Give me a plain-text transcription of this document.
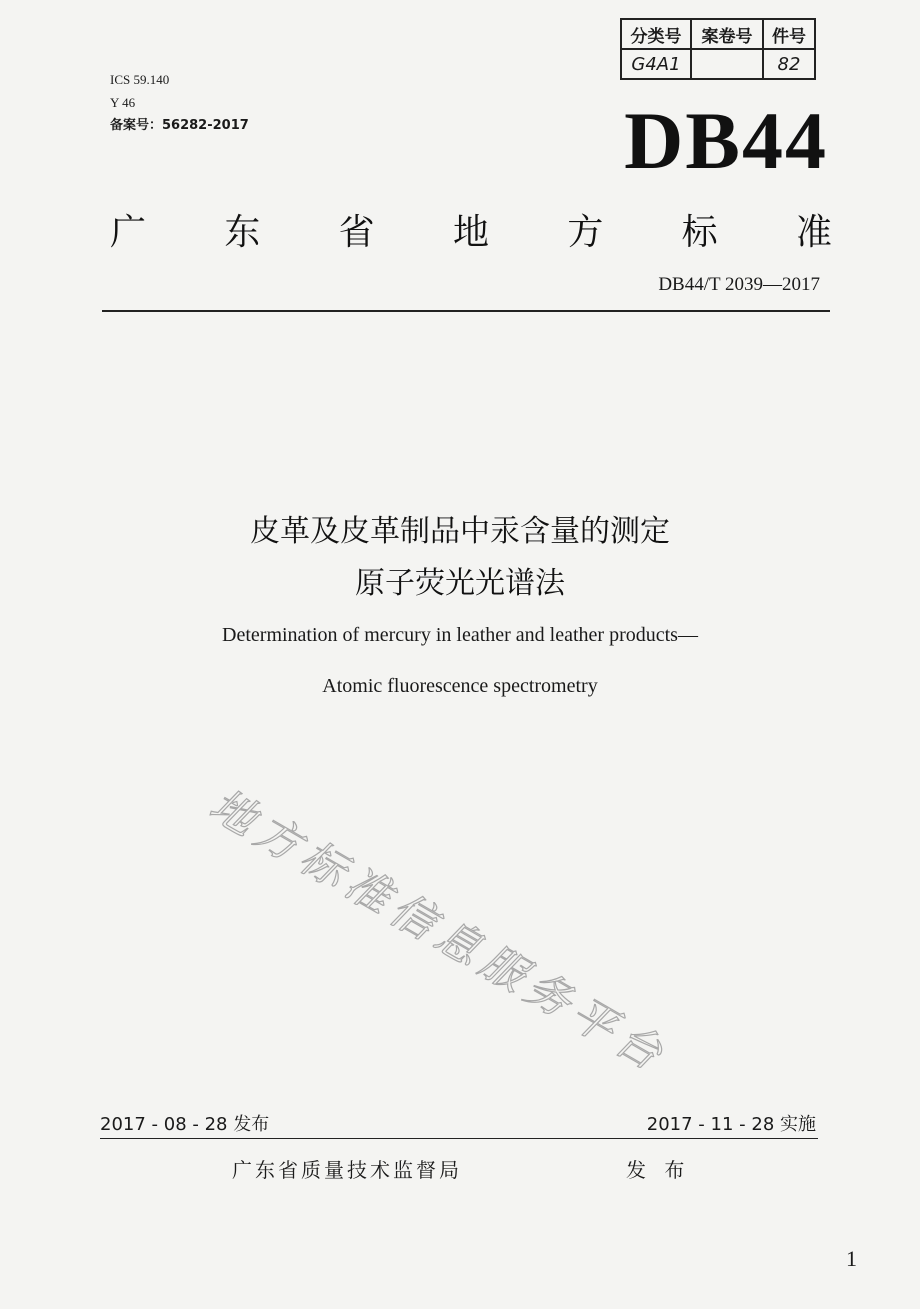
分类号	案卷号	件号
G4A1		82
ICS 59.140
Y 46
备案号：56282-2017	DB44
广 东 省 地 方 标 准
DB44/T 2039—2017
皮革及皮革制品中汞含量的测定
原子荧光光谱法
Determination of mercury in leather and leather products—
Atomic fluorescence spectrometry
地方标准信息服务平台
2017 - 08 - 28 发布	2017 - 11 - 28 实施
广东省质量技术监督局	发 布
1
